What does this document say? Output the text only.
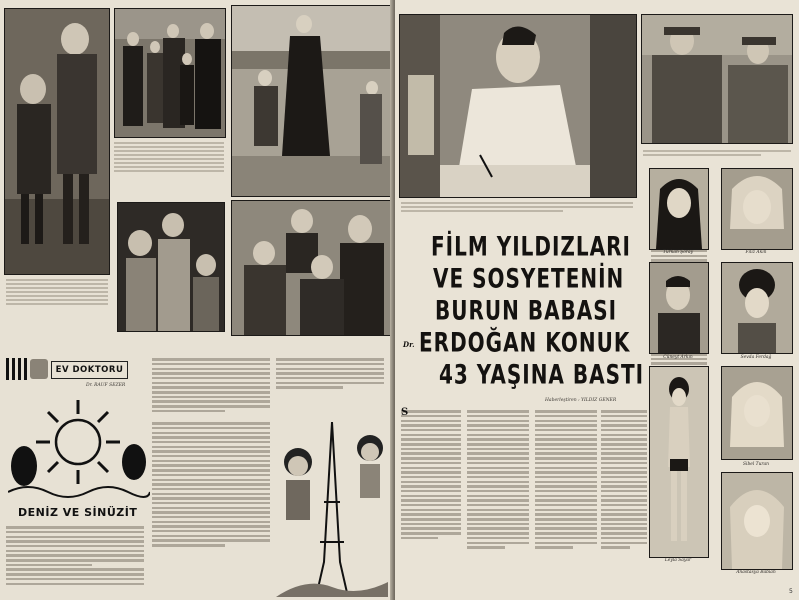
EV DOKTORU
Dr. RAUF SEZER
DENİZ VE SİNÜZİT
FİLM YILDIZLARI
VE SOSYETENİN
BURUN BABASI
Dr. ERDOĞAN KONUK
43 YAŞINA BASTI
Haberleştiren : YILDIZ GENER
S
Türkan Şoray	Filiz Akın
Cüneyt Arkın	Sevda Ferdağ
Leylâ Sayar
Sibel Turan
Anastasya Babian
5
